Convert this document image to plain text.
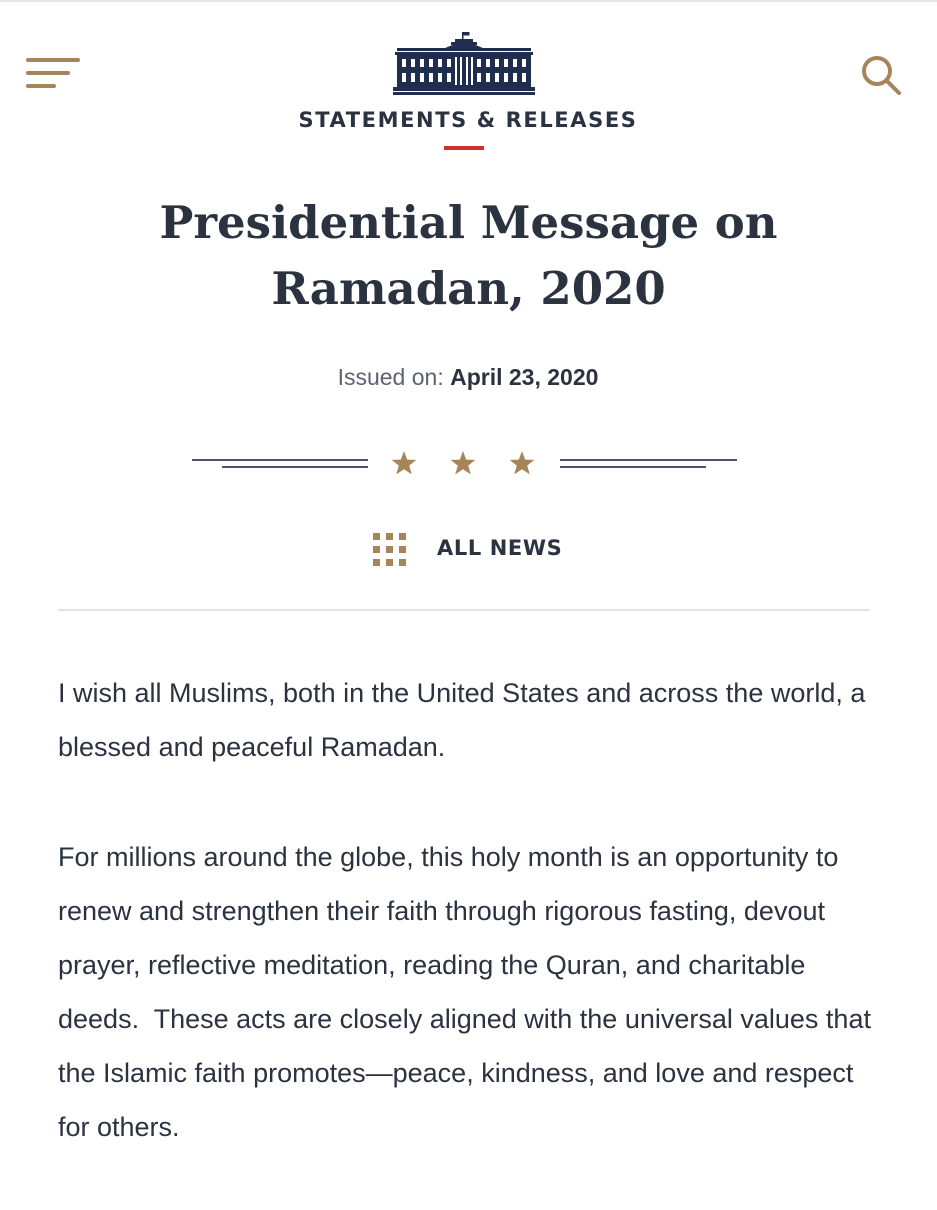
STATEMENTS & RELEASES
Presidential Message on Ramadan, 2020
Issued on: April 23, 2020
ALL NEWS

I wish all Muslims, both in the United States and across the world, a blessed and peaceful Ramadan.

For millions around the globe, this holy month is an opportunity to renew and strengthen their faith through rigorous fasting, devout prayer, reflective meditation, reading the Quran, and charitable deeds.  These acts are closely aligned with the universal values that the Islamic faith promotes—peace, kindness, and love and respect for others.
